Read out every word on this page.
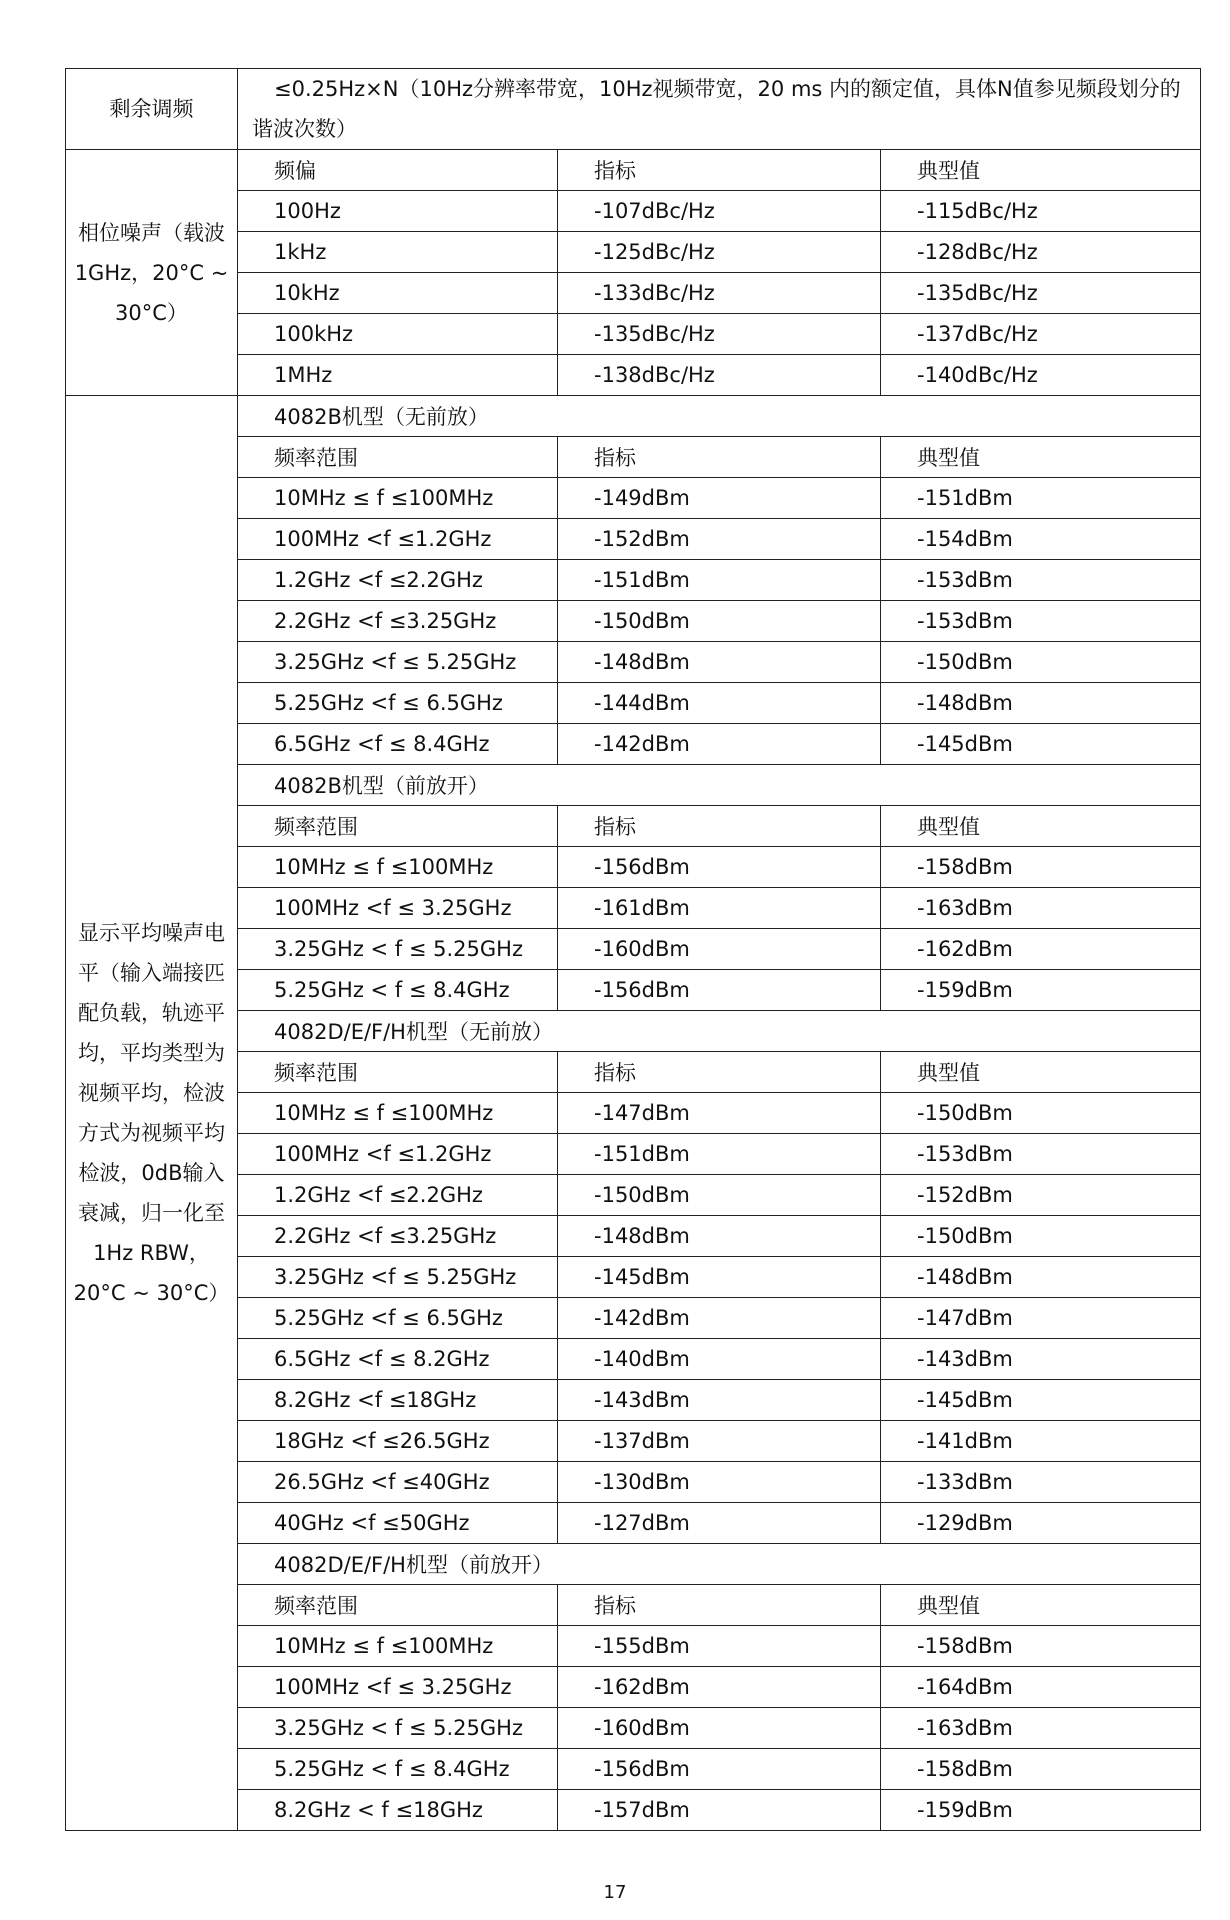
剩余调频	≤0.25Hz×N（10Hz分辨率带宽，10Hz视频带宽，20 ms 内的额定值，具体N值参见频段划分的谐波次数）		
相位噪声（载波1GHz，20°C ~ 30°C）	频偏	指标	典型值
	100Hz	-107dBc/Hz	-115dBc/Hz
	1kHz	-125dBc/Hz	-128dBc/Hz
	10kHz	-133dBc/Hz	-135dBc/Hz
	100kHz	-135dBc/Hz	-137dBc/Hz
	1MHz	-138dBc/Hz	-140dBc/Hz
显示平均噪声电平（输入端接匹配负载，轨迹平均，平均类型为视频平均，检波方式为视频平均检波，0dB输入衰减，归一化至1Hz RBW，20°C ~ 30°C）	4082B机型（无前放）		
	频率范围	指标	典型值
	10MHz ≤ f ≤100MHz	-149dBm	-151dBm
	100MHz <f ≤1.2GHz	-152dBm	-154dBm
	1.2GHz <f ≤2.2GHz	-151dBm	-153dBm
	2.2GHz <f ≤3.25GHz	-150dBm	-153dBm
	3.25GHz <f ≤ 5.25GHz	-148dBm	-150dBm
	5.25GHz <f ≤ 6.5GHz	-144dBm	-148dBm
	6.5GHz <f ≤ 8.4GHz	-142dBm	-145dBm
	4082B机型（前放开）		
	频率范围	指标	典型值
	10MHz ≤ f ≤100MHz	-156dBm	-158dBm
	100MHz <f ≤ 3.25GHz	-161dBm	-163dBm
	3.25GHz < f ≤ 5.25GHz	-160dBm	-162dBm
	5.25GHz < f ≤ 8.4GHz	-156dBm	-159dBm
	4082D/E/F/H机型（无前放）		
	频率范围	指标	典型值
	10MHz ≤ f ≤100MHz	-147dBm	-150dBm
	100MHz <f ≤1.2GHz	-151dBm	-153dBm
	1.2GHz <f ≤2.2GHz	-150dBm	-152dBm
	2.2GHz <f ≤3.25GHz	-148dBm	-150dBm
	3.25GHz <f ≤ 5.25GHz	-145dBm	-148dBm
	5.25GHz <f ≤ 6.5GHz	-142dBm	-147dBm
	6.5GHz <f ≤ 8.2GHz	-140dBm	-143dBm
	8.2GHz <f ≤18GHz	-143dBm	-145dBm
	18GHz <f ≤26.5GHz	-137dBm	-141dBm
	26.5GHz <f ≤40GHz	-130dBm	-133dBm
	40GHz <f ≤50GHz	-127dBm	-129dBm
	4082D/E/F/H机型（前放开）		
	频率范围	指标	典型值
	10MHz ≤ f ≤100MHz	-155dBm	-158dBm
	100MHz <f ≤ 3.25GHz	-162dBm	-164dBm
	3.25GHz < f ≤ 5.25GHz	-160dBm	-163dBm
	5.25GHz < f ≤ 8.4GHz	-156dBm	-158dBm
	8.2GHz < f ≤18GHz	-157dBm	-159dBm
17
